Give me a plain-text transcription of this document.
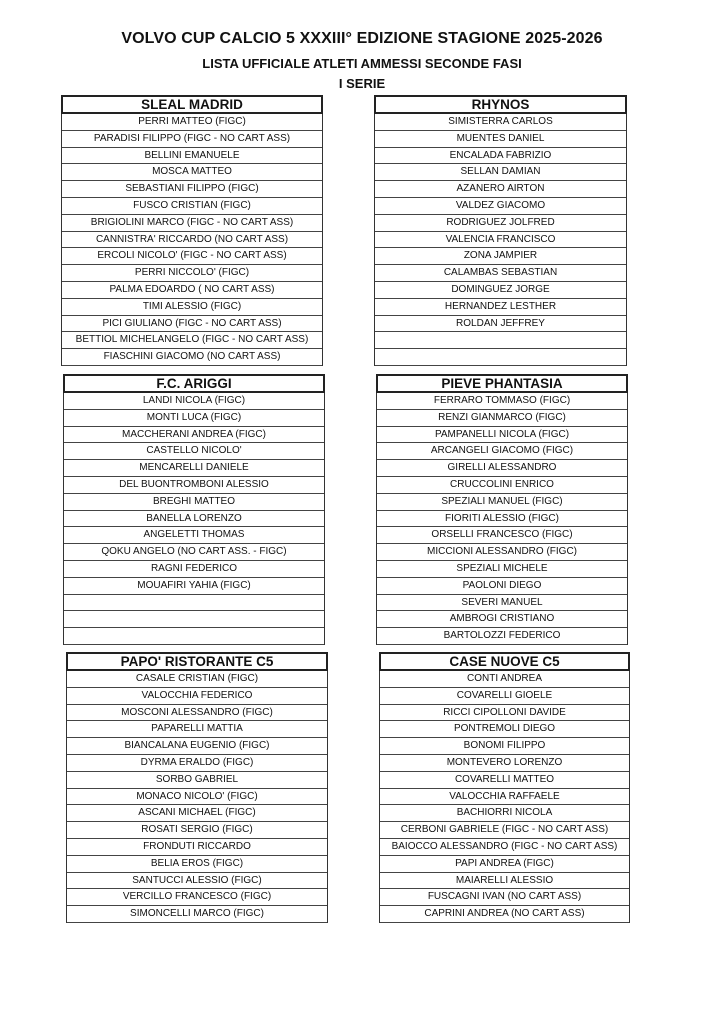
VOLVO CUP CALCIO 5 XXXIII° EDIZIONE STAGIONE 2025-2026
LISTA UFFICIALE ATLETI AMMESSI SECONDE FASI
I SERIE
SLEAL MADRID
PERRI MATTEO (FIGC)
PARADISI FILIPPO (FIGC - NO CART ASS)
BELLINI EMANUELE
MOSCA MATTEO
SEBASTIANI FILIPPO (FIGC)
FUSCO CRISTIAN (FIGC)
BRIGIOLINI MARCO (FIGC - NO CART ASS)
CANNISTRA' RICCARDO (NO CART ASS)
ERCOLI NICOLO' (FIGC - NO CART ASS)
PERRI NICCOLO' (FIGC)
PALMA EDOARDO ( NO CART ASS)
TIMI ALESSIO (FIGC)
PICI GIULIANO (FIGC - NO CART ASS)
BETTIOL MICHELANGELO (FIGC - NO CART ASS)
FIASCHINI GIACOMO (NO CART ASS)
RHYNOS
SIMISTERRA CARLOS
MUENTES DANIEL
ENCALADA FABRIZIO
SELLAN DAMIAN
AZANERO AIRTON
VALDEZ GIACOMO
RODRIGUEZ JOLFRED
VALENCIA FRANCISCO
ZONA JAMPIER
CALAMBAS SEBASTIAN
DOMINGUEZ JORGE
HERNANDEZ LESTHER
ROLDAN JEFFREY
F.C. ARIGGI
LANDI NICOLA (FIGC)
MONTI LUCA (FIGC)
MACCHERANI ANDREA (FIGC)
CASTELLO NICOLO'
MENCARELLI DANIELE
DEL BUONTROMBONI ALESSIO
BREGHI MATTEO
BANELLA LORENZO
ANGELETTI THOMAS
QOKU ANGELO (NO CART ASS. - FIGC)
RAGNI FEDERICO
MOUAFIRI YAHIA (FIGC)
PIEVE PHANTASIA
FERRARO TOMMASO (FIGC)
RENZI GIANMARCO (FIGC)
PAMPANELLI NICOLA (FIGC)
ARCANGELI GIACOMO (FIGC)
GIRELLI ALESSANDRO
CRUCCOLINI ENRICO
SPEZIALI MANUEL (FIGC)
FIORITI ALESSIO (FIGC)
ORSELLI FRANCESCO (FIGC)
MICCIONI ALESSANDRO (FIGC)
SPEZIALI MICHELE
PAOLONI DIEGO
SEVERI MANUEL
AMBROGI CRISTIANO
BARTOLOZZI FEDERICO
PAPO' RISTORANTE C5
CASALE CRISTIAN (FIGC)
VALOCCHIA FEDERICO
MOSCONI ALESSANDRO (FIGC)
PAPARELLI MATTIA
BIANCALANA EUGENIO (FIGC)
DYRMA ERALDO (FIGC)
SORBO GABRIEL
MONACO NICOLO' (FIGC)
ASCANI MICHAEL (FIGC)
ROSATI SERGIO (FIGC)
FRONDUTI RICCARDO
BELIA EROS (FIGC)
SANTUCCI ALESSIO (FIGC)
VERCILLO FRANCESCO (FIGC)
SIMONCELLI MARCO (FIGC)
CASE NUOVE C5
CONTI ANDREA
COVARELLI GIOELE
RICCI CIPOLLONI DAVIDE
PONTREMOLI DIEGO
BONOMI FILIPPO
MONTEVERO LORENZO
COVARELLI MATTEO
VALOCCHIA RAFFAELE
BACHIORRI NICOLA
CERBONI GABRIELE (FIGC - NO CART ASS)
BAIOCCO ALESSANDRO (FIGC - NO CART ASS)
PAPI ANDREA (FIGC)
MAIARELLI ALESSIO
FUSCAGNI IVAN (NO CART ASS)
CAPRINI ANDREA (NO CART ASS)
